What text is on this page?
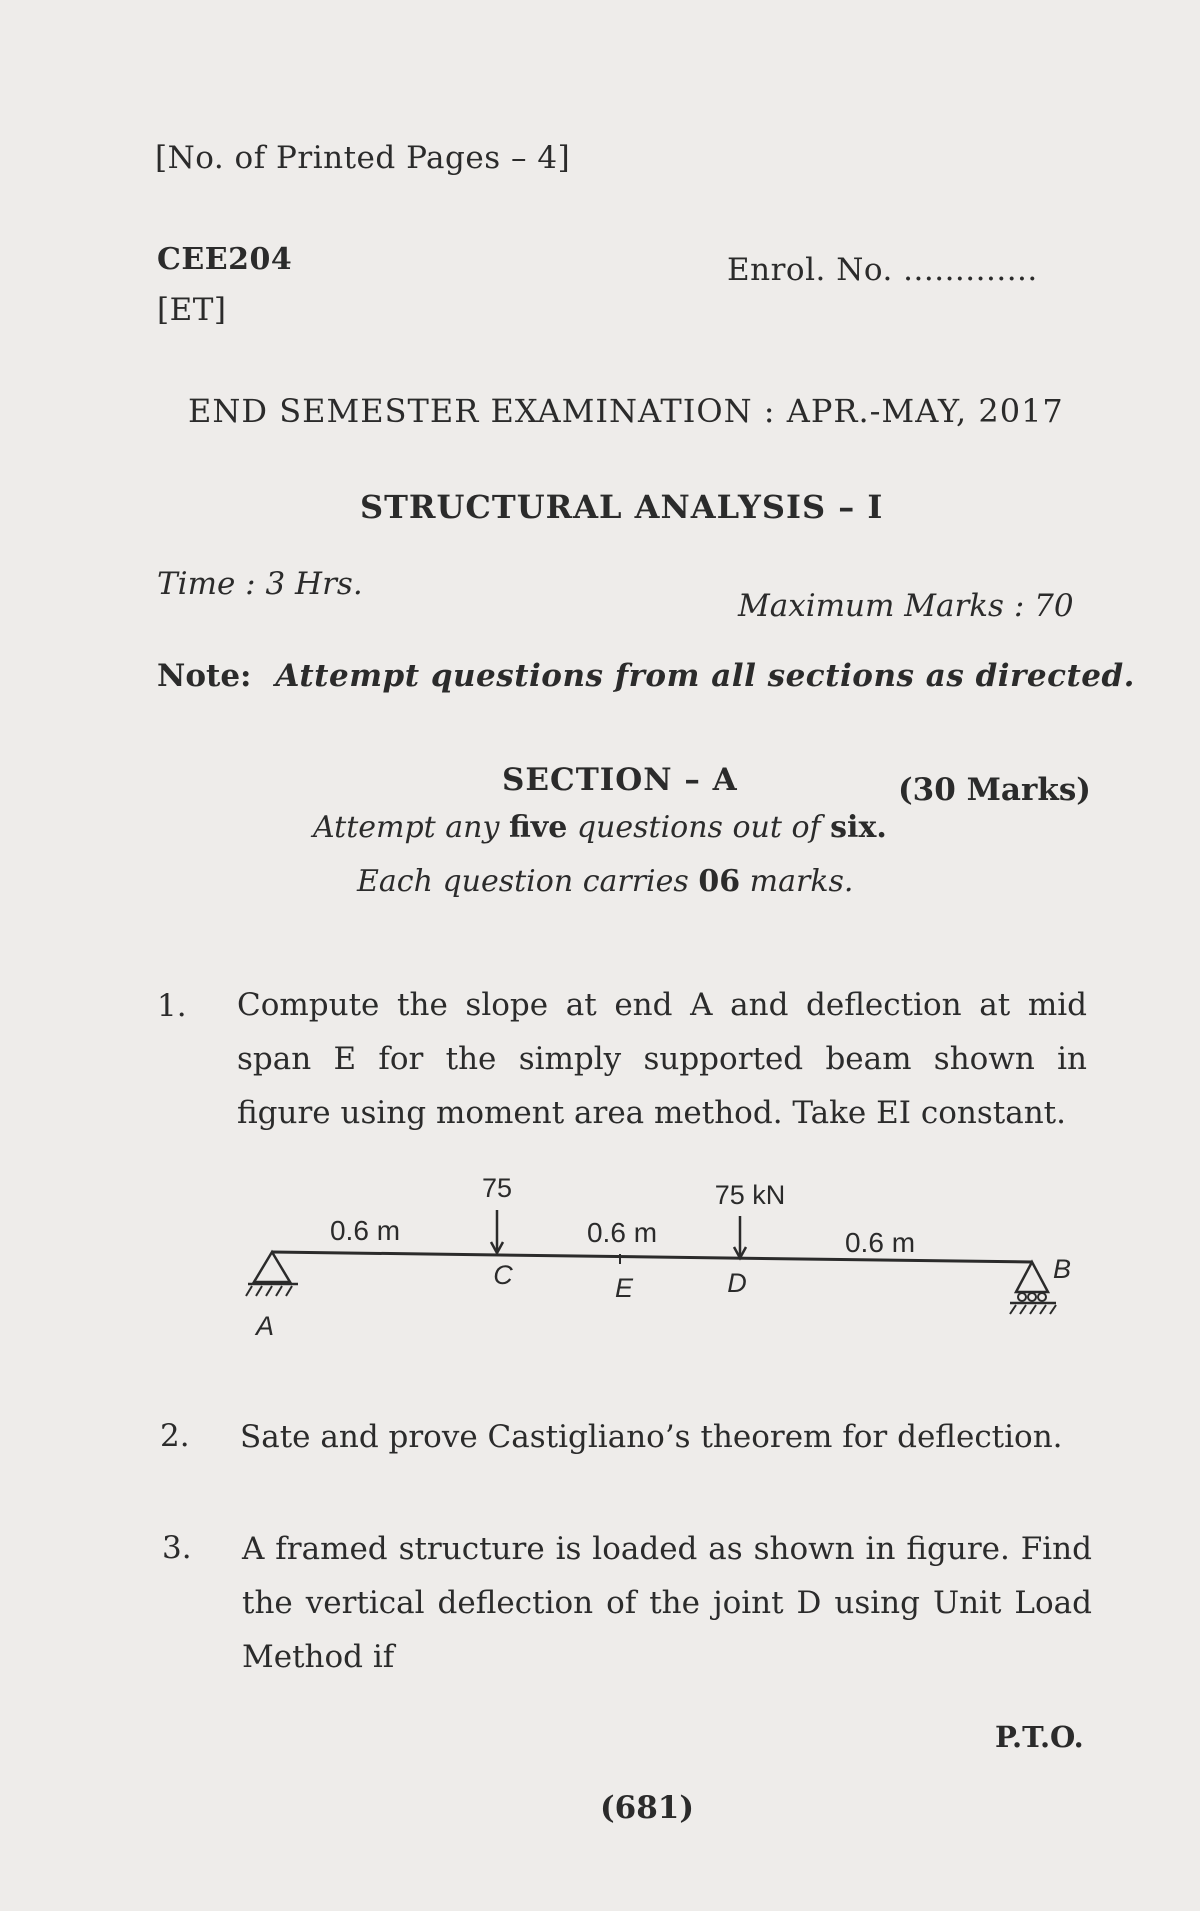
[No. of Printed Pages – 4]
CEE204
[ET]
Enrol. No. .............
END SEMESTER EXAMINATION : APR.-MAY, 2017
STRUCTURAL ANALYSIS – I
Time : 3 Hrs.
Maximum Marks : 70
Note: Attempt questions from all sections as directed.
SECTION – A	(30 Marks)
Attempt any five questions out of six.
Each question carries 06 marks.
1. Compute the slope at end A and deflection at mid span E for the simply supported beam shown in figure using moment area method. Take EI constant.
75	75 kN
0.6 m	0.6 m	0.6 m
A
B
C	E	D
2. Sate and prove Castigliano’s theorem for deflection.
3. A framed structure is loaded as shown in figure. Find the vertical deflection of the joint D using Unit Load Method if
P.T.O.
(681)
